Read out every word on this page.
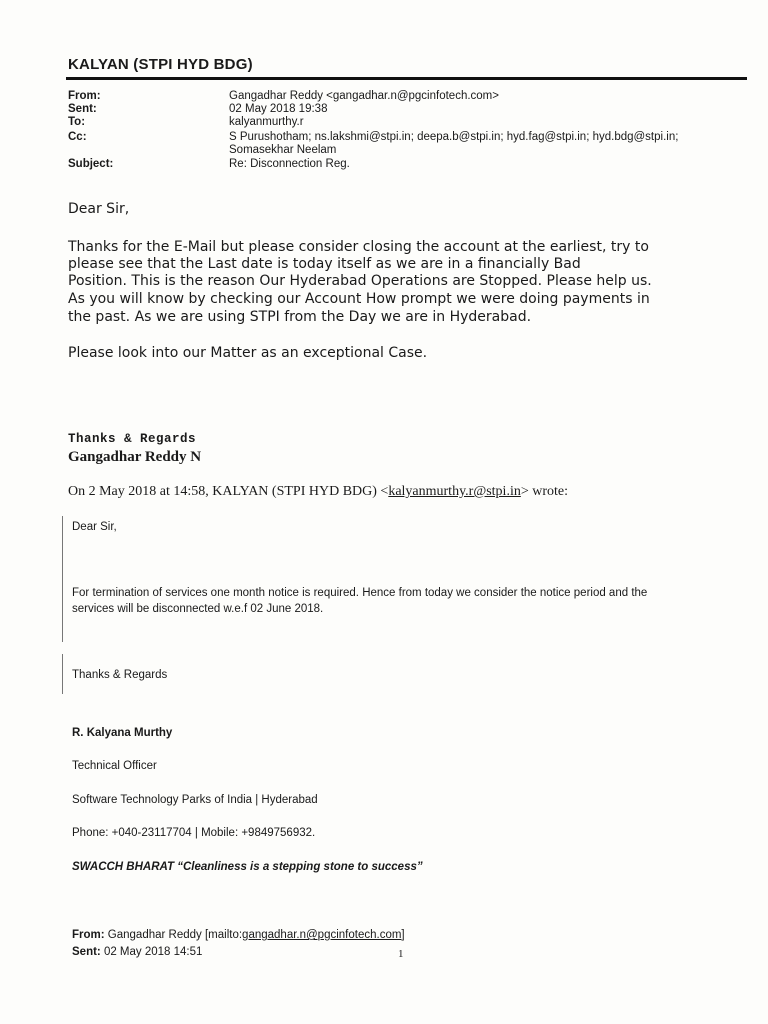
KALYAN (STPI HYD BDG)
From:	Gangadhar Reddy <gangadhar.n@pgcinfotech.com>
Sent:	02 May 2018 19:38
To:	kalyanmurthy.r
Cc:	S Purushotham; ns.lakshmi@stpi.in; deepa.b@stpi.in; hyd.fag@stpi.in; hyd.bdg@stpi.in;
Somasekhar Neelam
Subject:	Re: Disconnection Reg.
Dear Sir,
Thanks for the E-Mail but please consider closing the account at the earliest, try to
please see that the Last date is today itself as we are in a financially Bad
Position. This is the reason Our Hyderabad Operations are Stopped. Please help us.
As you will know by checking our Account How prompt we were doing payments in
the past. As we are using STPI from the Day we are in Hyderabad.
Please look into our Matter as an exceptional Case.
Thanks & Regards
Gangadhar Reddy N
On 2 May 2018 at 14:58, KALYAN (STPI HYD BDG) <kalyanmurthy.r@stpi.in> wrote:
Dear Sir,
For termination of services one month notice is required. Hence from today we consider the notice period and the
services will be disconnected w.e.f 02 June 2018.
Thanks & Regards
R. Kalyana Murthy
Technical Officer
Software Technology Parks of India | Hyderabad
Phone: +040-23117704 | Mobile: +9849756932.
SWACCH BHARAT “Cleanliness is a stepping stone to success”
From: Gangadhar Reddy [mailto:gangadhar.n@pgcinfotech.com]
Sent: 02 May 2018 14:51	1
